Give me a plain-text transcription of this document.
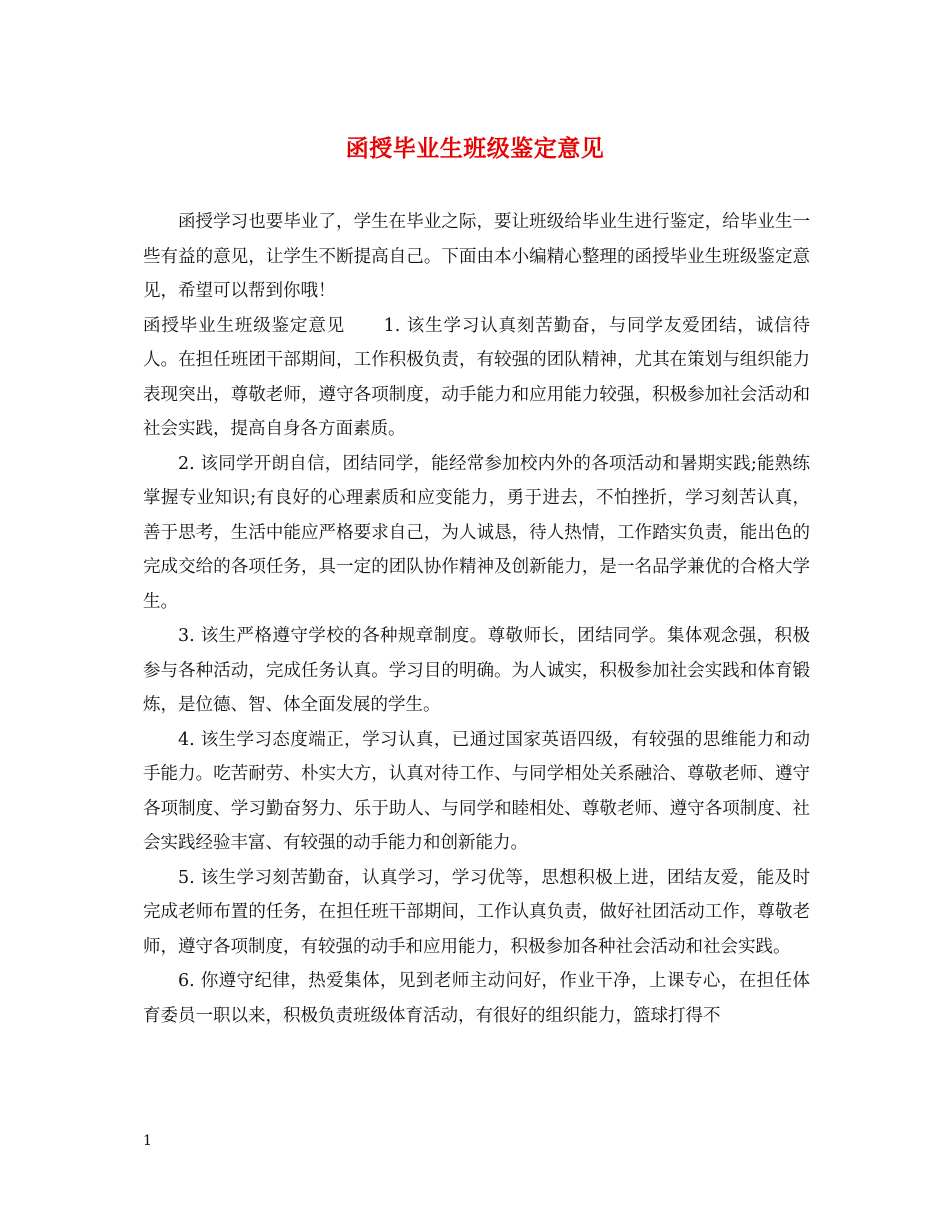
函授毕业生班级鉴定意见

函授学习也要毕业了，学生在毕业之际，要让班级给毕业生进行鉴定，给毕业生一些有益的意见，让学生不断提高自己。下面由本小编精心整理的函授毕业生班级鉴定意见，希望可以帮到你哦！

函授毕业生班级鉴定意见 1. 该生学习认真刻苦勤奋，与同学友爱团结，诚信待人。在担任班团干部期间，工作积极负责，有较强的团队精神，尤其在策划与组织能力表现突出，尊敬老师，遵守各项制度，动手能力和应用能力较强，积极参加社会活动和社会实践，提高自身各方面素质。

2. 该同学开朗自信，团结同学，能经常参加校内外的各项活动和暑期实践;能熟练掌握专业知识;有良好的心理素质和应变能力，勇于进去，不怕挫折，学习刻苦认真，善于思考，生活中能应严格要求自己，为人诚恳，待人热情，工作踏实负责，能出色的完成交给的各项任务，具一定的团队协作精神及创新能力，是一名品学兼优的合格大学生。

3. 该生严格遵守学校的各种规章制度。尊敬师长，团结同学。集体观念强，积极参与各种活动，完成任务认真。学习目的明确。为人诚实，积极参加社会实践和体育锻炼，是位德、智、体全面发展的学生。

4. 该生学习态度端正，学习认真，已通过国家英语四级，有较强的思维能力和动手能力。吃苦耐劳、朴实大方，认真对待工作、与同学相处关系融洽、尊敬老师、遵守各项制度、学习勤奋努力、乐于助人、与同学和睦相处、尊敬老师、遵守各项制度、社会实践经验丰富、有较强的动手能力和创新能力。

5. 该生学习刻苦勤奋，认真学习，学习优等，思想积极上进，团结友爱，能及时完成老师布置的任务，在担任班干部期间，工作认真负责，做好社团活动工作，尊敬老师，遵守各项制度，有较强的动手和应用能力，积极参加各种社会活动和社会实践。

6. 你遵守纪律，热爱集体，见到老师主动问好，作业干净，上课专心，在担任体育委员一职以来，积极负责班级体育活动，有很好的组织能力，篮球打得不

1
